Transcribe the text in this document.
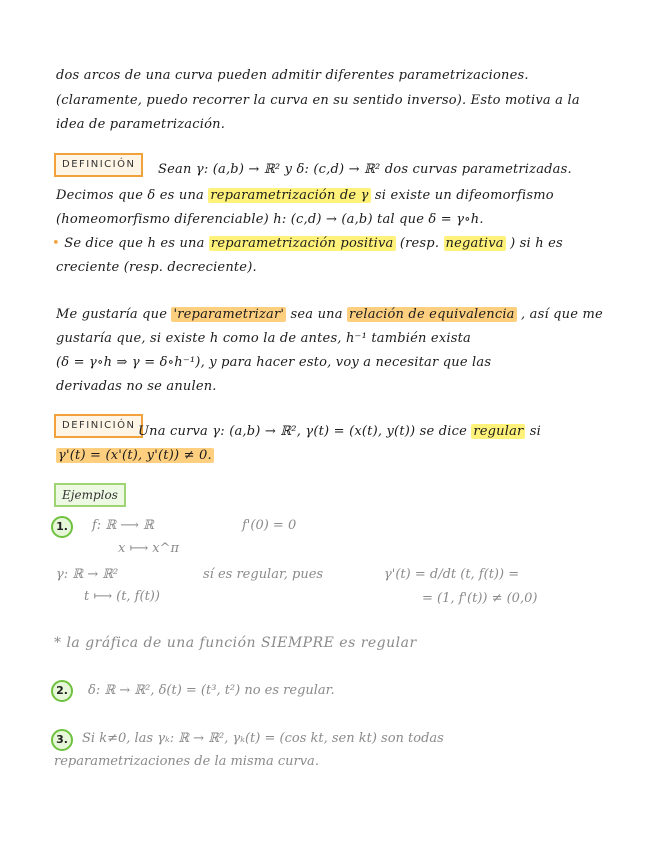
dos arcos de una curva pueden admitir diferentes parametrizaciones.
(claramente, puedo recorrer la curva en su sentido inverso). Esto motiva a la
idea de parametrización.
DEFINICIÓN	Sean γ: (a,b) → ℝ² y δ: (c,d) → ℝ² dos curvas parametrizadas.
Decimos que δ es una reparametrización de γ si existe un difeomorfismo
(homeomorfismo diferenciable) h: (c,d) → (a,b) tal que δ = γ∘h.
• Se dice que h es una reparametrización positiva (resp. negativa ) si h es
creciente (resp. decreciente).
Me gustaría que 'reparametrizar' sea una relación de equivalencia , así que me
gustaría que, si existe h como la de antes, h⁻¹ también exista
(δ = γ∘h ⇒ γ = δ∘h⁻¹), y para hacer esto, voy a necesitar que las
derivadas no se anulen.
DEFINICIÓN Una curva γ: (a,b) → ℝ², γ(t) = (x(t), y(t)) se dice regular si
γ'(t) = (x'(t), y'(t)) ≠ 0.
Ejemplos
1.	f: ℝ ⟶ ℝ	f'(0) = 0
x ⟼ x^π
γ: ℝ → ℝ²	sí es regular, pues	γ'(t) = d/dt (t, f(t)) =
t ⟼ (t, f(t))	= (1, f'(t)) ≠ (0,0)
* la gráfica de una función SIEMPRE es regular
2.	δ: ℝ → ℝ², δ(t) = (t³, t²) no es regular.
3.	Si k≠0, las γₖ: ℝ → ℝ², γₖ(t) = (cos kt, sen kt) son todas
reparametrizaciones de la misma curva.
